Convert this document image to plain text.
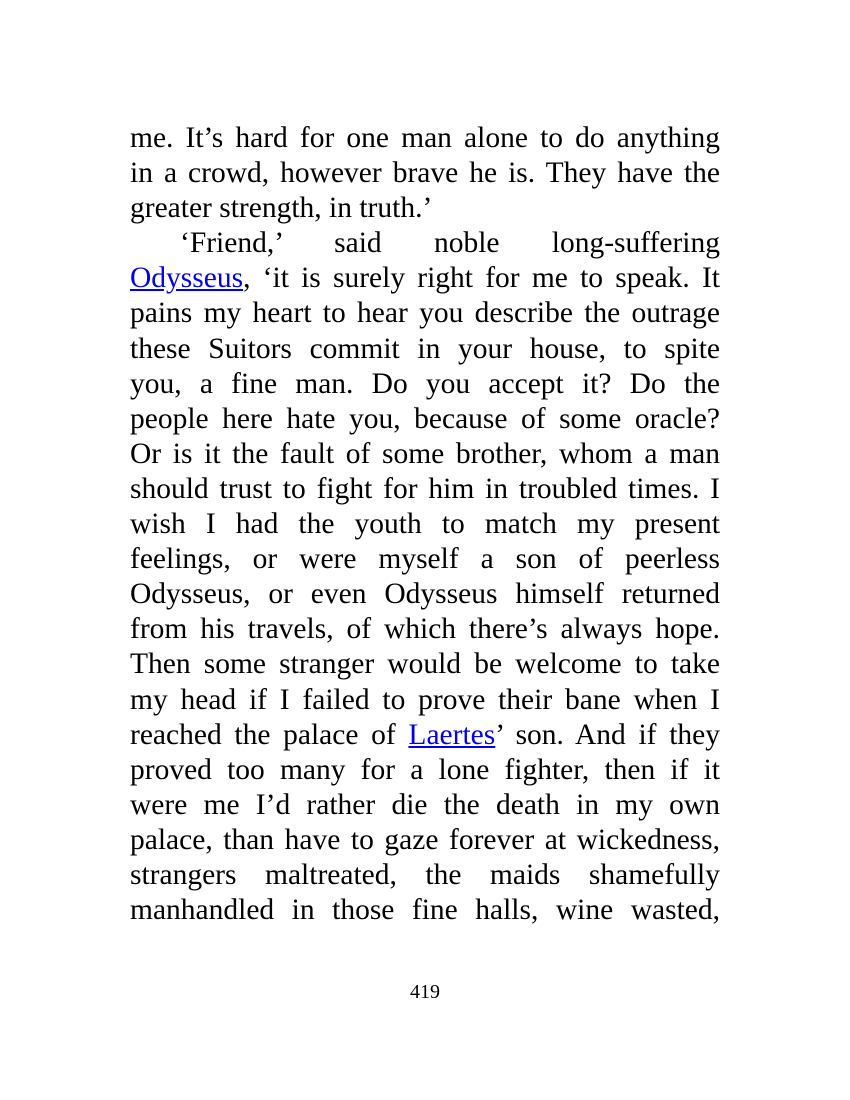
me. It’s hard for one man alone to do anything
in a crowd, however brave he is. They have the
greater strength, in truth.’
‘Friend,’ said noble long-suffering
Odysseus, ‘it is surely right for me to speak. It
pains my heart to hear you describe the outrage
these Suitors commit in your house, to spite
you, a fine man. Do you accept it? Do the
people here hate you, because of some oracle?
Or is it the fault of some brother, whom a man
should trust to fight for him in troubled times. I
wish I had the youth to match my present
feelings, or were myself a son of peerless
Odysseus, or even Odysseus himself returned
from his travels, of which there’s always hope.
Then some stranger would be welcome to take
my head if I failed to prove their bane when I
reached the palace of Laertes’ son. And if they
proved too many for a lone fighter, then if it
were me I’d rather die the death in my own
palace, than have to gaze forever at wickedness,
strangers maltreated, the maids shamefully
manhandled in those fine halls, wine wasted,
419
